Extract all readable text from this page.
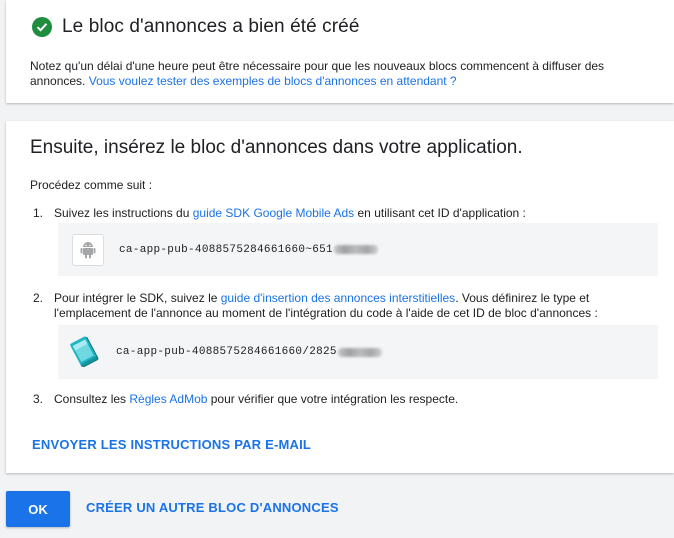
Le bloc d'annonces a bien été créé
Notez qu'un délai d'une heure peut être nécessaire pour que les nouveaux blocs commencent à diffuser des annonces. Vous voulez tester des exemples de blocs d'annonces en attendant ?
Ensuite, insérez le bloc d'annonces dans votre application.
Procédez comme suit :
1. Suivez les instructions du guide SDK Google Mobile Ads en utilisant cet ID d'application :
ca-app-pub-4088575284661660~651
2. Pour intégrer le SDK, suivez le guide d'insertion des annonces interstitielles. Vous définirez le type et l'emplacement de l'annonce au moment de l'intégration du code à l'aide de cet ID de bloc d'annonces :
ca-app-pub-4088575284661660/2825
3. Consultez les Règles AdMob pour vérifier que votre intégration les respecte.
ENVOYER LES INSTRUCTIONS PAR E-MAIL
OK	CRÉER UN AUTRE BLOC D'ANNONCES
